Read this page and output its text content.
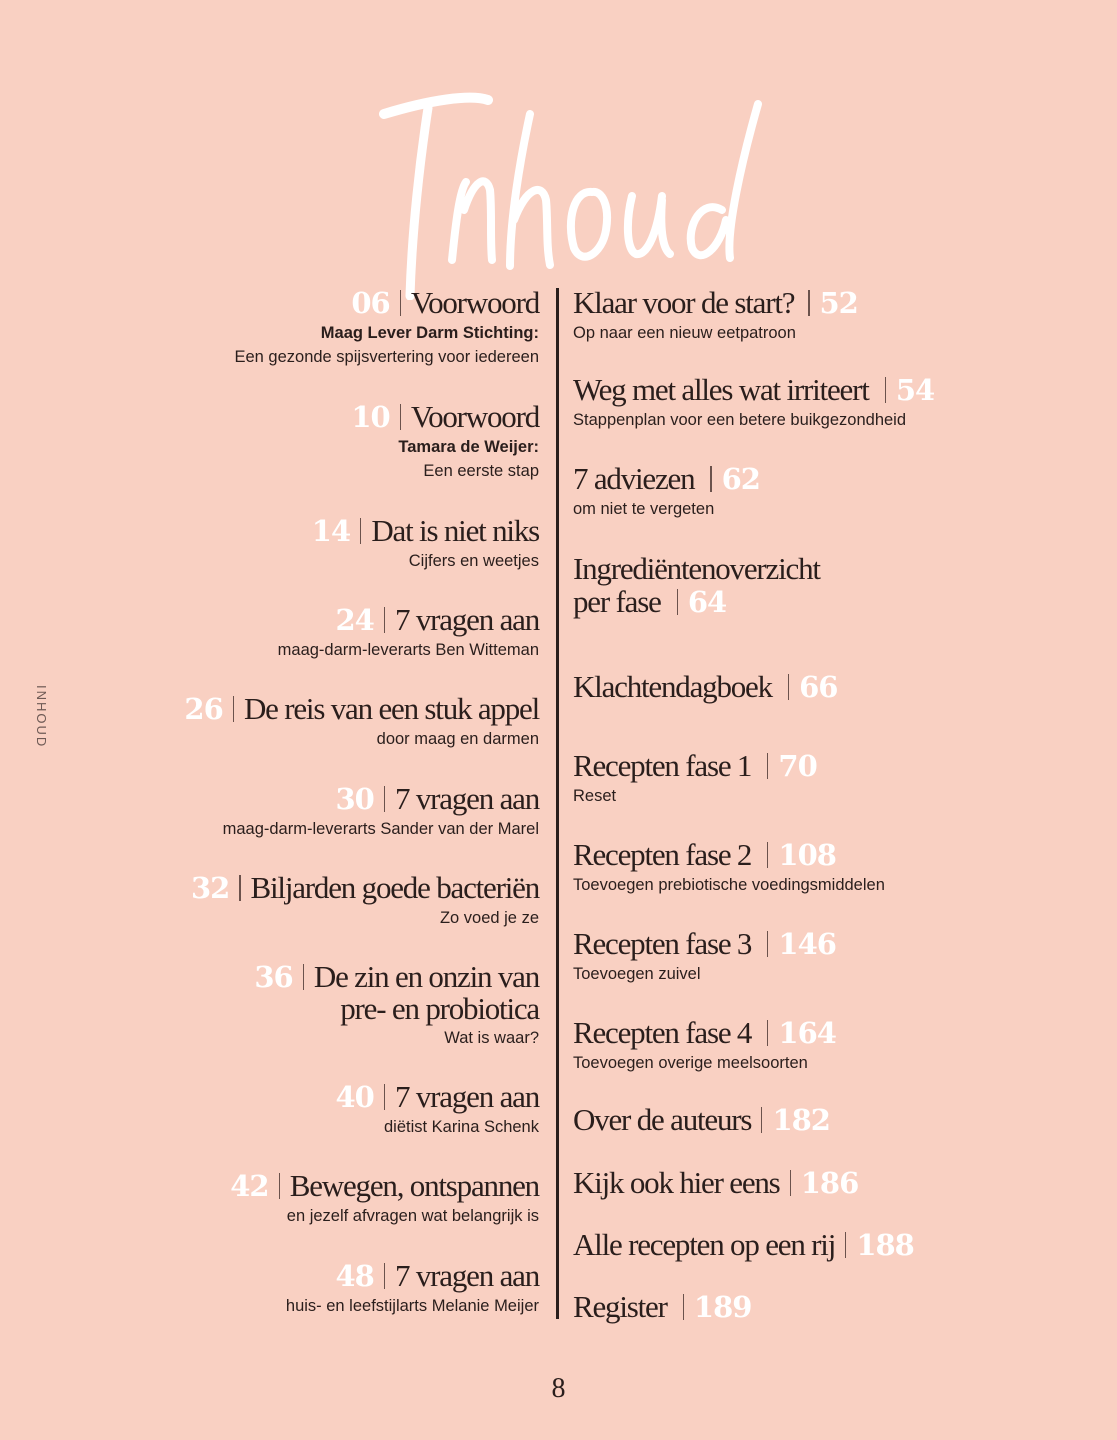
INHOUD
06 Voorwoord
Maag Lever Darm Stichting:
Een gezonde spijsvertering voor iedereen
10 Voorwoord
Tamara de Weijer:
Een eerste stap
14 Dat is niet niks
Cijfers en weetjes
24 7 vragen aan
maag-darm-leverarts Ben Witteman
26 De reis van een stuk appel
door maag en darmen
30 7 vragen aan
maag-darm-leverarts Sander van der Marel
32 Biljarden goede bacteriën
Zo voed je ze
36 De zin en onzin van
pre- en probiotica
Wat is waar?
40 7 vragen aan
diëtist Karina Schenk
42 Bewegen, ontspannen
en jezelf afvragen wat belangrijk is
48 7 vragen aan
huis- en leefstijlarts Melanie Meijer
Klaar voor de start? 52
Op naar een nieuw eetpatroon
Weg met alles wat irriteert 54
Stappenplan voor een betere buikgezondheid
7 adviezen 62
om niet te vergeten
Ingrediëntenoverzicht
per fase 64
Klachtendagboek 66
Recepten fase 1 70
Reset
Recepten fase 2 108
Toevoegen prebiotische voedingsmiddelen
Recepten fase 3 146
Toevoegen zuivel
Recepten fase 4 164
Toevoegen overige meelsoorten
Over de auteurs 182
Kijk ook hier eens 186
Alle recepten op een rij 188
Register 189
8
